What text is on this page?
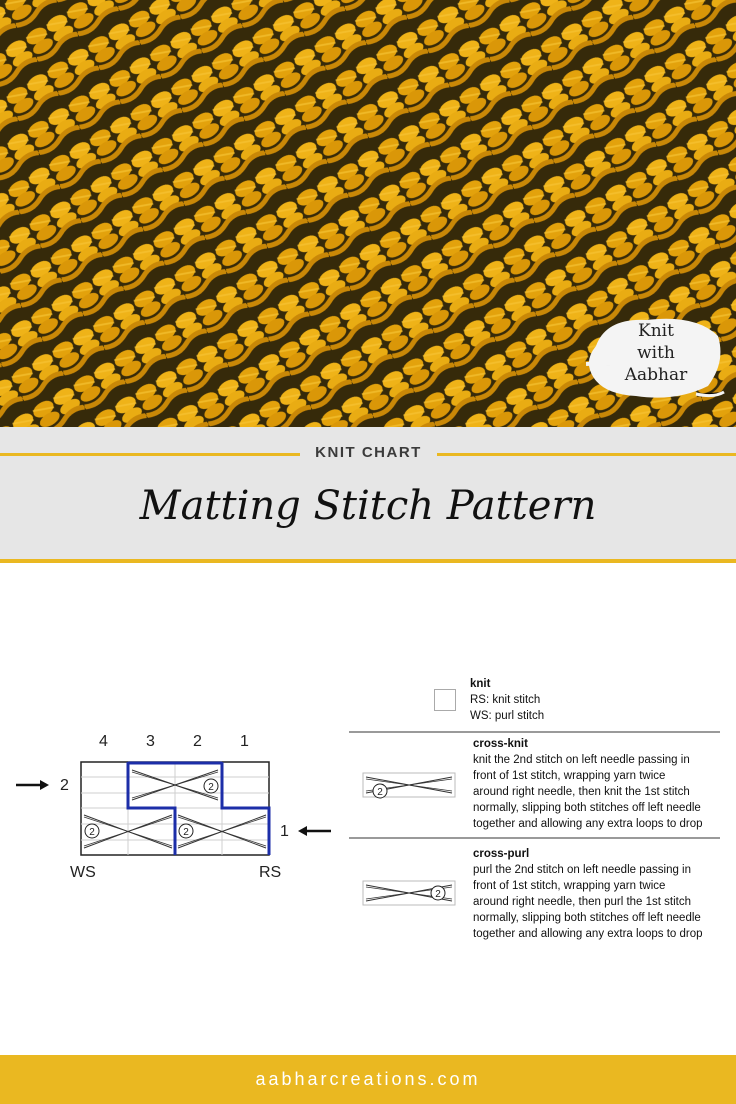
Knit
with
Aabhar
KNIT CHART
Matting Stitch Pattern
4 3 2 1
2
1
WS	RS
2
2	2
knit
RS: knit stitch
WS: purl stitch
2
cross-knit
knit the 2nd stitch on left needle passing in
front of 1st stitch, wrapping yarn twice
around right needle, then knit the 1st stitch
normally, slipping both stitches off left needle
together and allowing any extra loops to drop
2
cross-purl
purl the 2nd stitch on left needle passing in
front of 1st stitch, wrapping yarn twice
around right needle, then purl the 1st stitch
normally, slipping both stitches off left needle
together and allowing any extra loops to drop
aabharcreations.com
